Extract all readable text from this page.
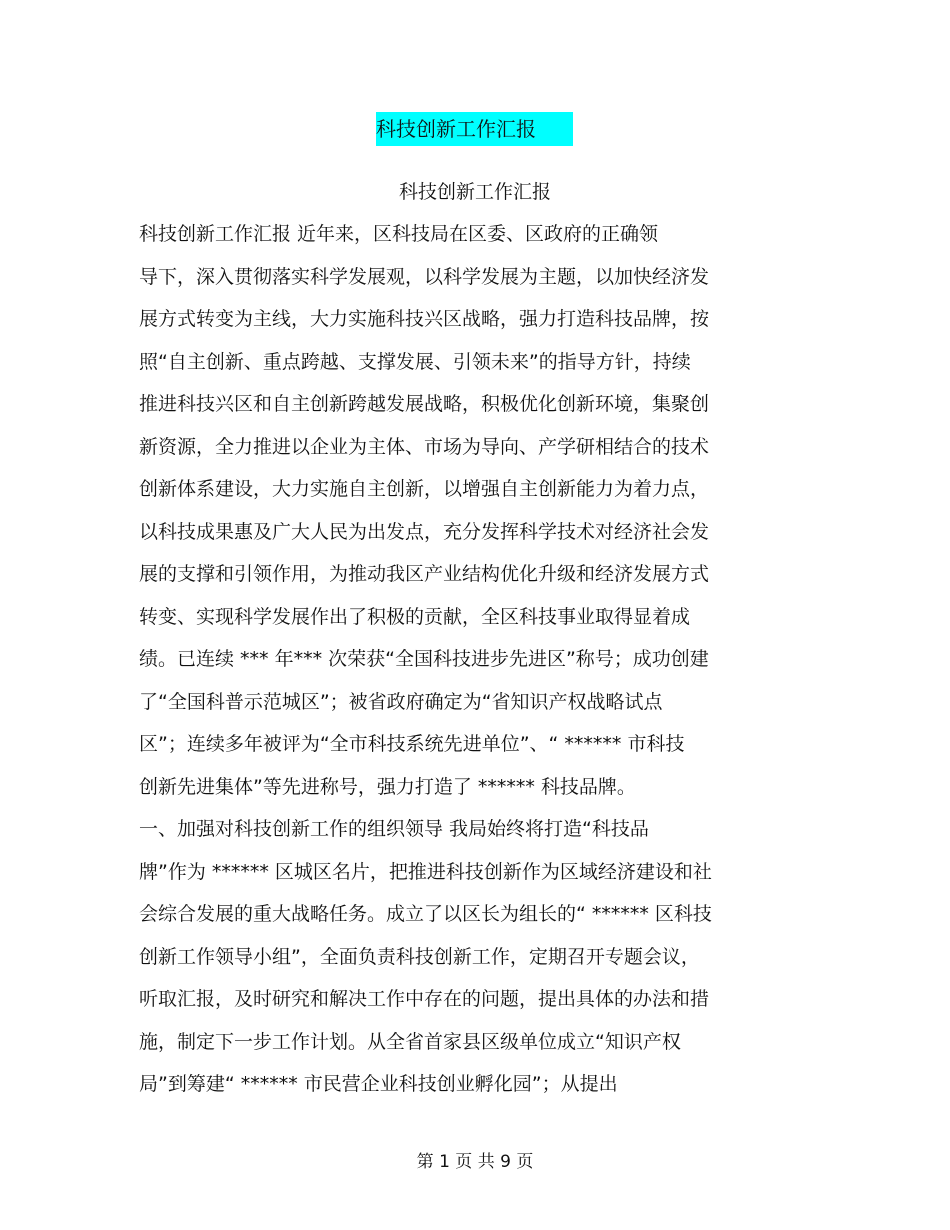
科技创新工作汇报
科技创新工作汇报
科技创新工作汇报 近年来，区科技局在区委、区政府的正确领
导下，深入贯彻落实科学发展观，以科学发展为主题，以加快经济发
展方式转变为主线，大力实施科技兴区战略，强力打造科技品牌，按
照“自主创新、重点跨越、支撑发展、引领未来”的指导方针，持续
推进科技兴区和自主创新跨越发展战略，积极优化创新环境，集聚创
新资源，全力推进以企业为主体、市场为导向、产学研相结合的技术
创新体系建设，大力实施自主创新，以增强自主创新能力为着力点，
以科技成果惠及广大人民为出发点，充分发挥科学技术对经济社会发
展的支撑和引领作用，为推动我区产业结构优化升级和经济发展方式
转变、实现科学发展作出了积极的贡献，全区科技事业取得显着成
绩。已连续 *** 年*** 次荣获“全国科技进步先进区”称号；成功创建
了“全国科普示范城区”；被省政府确定为“省知识产权战略试点
区”；连续多年被评为“全市科技系统先进单位”、“ ****** 市科技
创新先进集体”等先进称号，强力打造了 ****** 科技品牌。
一、加强对科技创新工作的组织领导 我局始终将打造“科技品
牌”作为 ****** 区城区名片，把推进科技创新作为区域经济建设和社
会综合发展的重大战略任务。成立了以区长为组长的“ ****** 区科技
创新工作领导小组”，全面负责科技创新工作，定期召开专题会议，
听取汇报，及时研究和解决工作中存在的问题，提出具体的办法和措
施，制定下一步工作计划。从全省首家县区级单位成立“知识产权
局”到筹建“ ****** 市民营企业科技创业孵化园”；从提出
第 1 页 共 9 页
